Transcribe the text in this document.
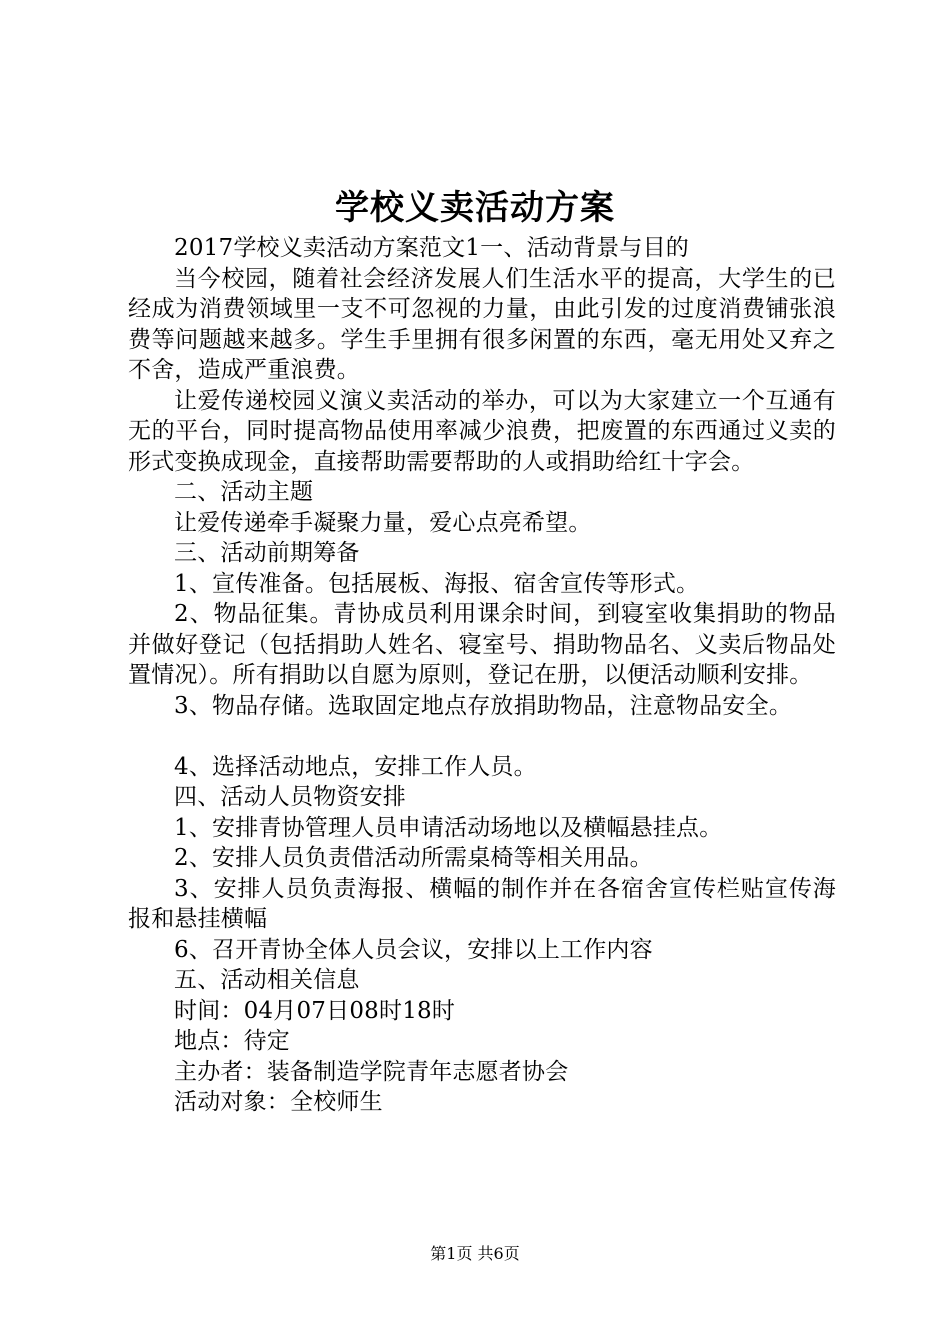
学校义卖活动方案

2017学校义卖活动方案范文1一、活动背景与目的

当今校园，随着社会经济发展人们生活水平的提高，大学生的已经成为消费领域里一支不可忽视的力量，由此引发的过度消费铺张浪费等问题越来越多。学生手里拥有很多闲置的东西，毫无用处又弃之不舍，造成严重浪费。

让爱传递校园义演义卖活动的举办，可以为大家建立一个互通有无的平台，同时提高物品使用率减少浪费，把废置的东西通过义卖的形式变换成现金，直接帮助需要帮助的人或捐助给红十字会。

二、活动主题

让爱传递牵手凝聚力量，爱心点亮希望。

三、活动前期筹备

1、宣传准备。包括展板、海报、宿舍宣传等形式。

2、物品征集。青协成员利用课余时间，到寝室收集捐助的物品并做好登记（包括捐助人姓名、寝室号、捐助物品名、义卖后物品处置情况）。所有捐助以自愿为原则，登记在册，以便活动顺利安排。

3、物品存储。选取固定地点存放捐助物品，注意物品安全。

4、选择活动地点，安排工作人员。

四、活动人员物资安排

1、安排青协管理人员申请活动场地以及横幅悬挂点。

2、安排人员负责借活动所需桌椅等相关用品。

3、安排人员负责海报、横幅的制作并在各宿舍宣传栏贴宣传海报和悬挂横幅

6、召开青协全体人员会议，安排以上工作内容

五、活动相关信息

时间：04月07日08时18时

地点：待定

主办者：装备制造学院青年志愿者协会

活动对象：全校师生

第1页 共6页
